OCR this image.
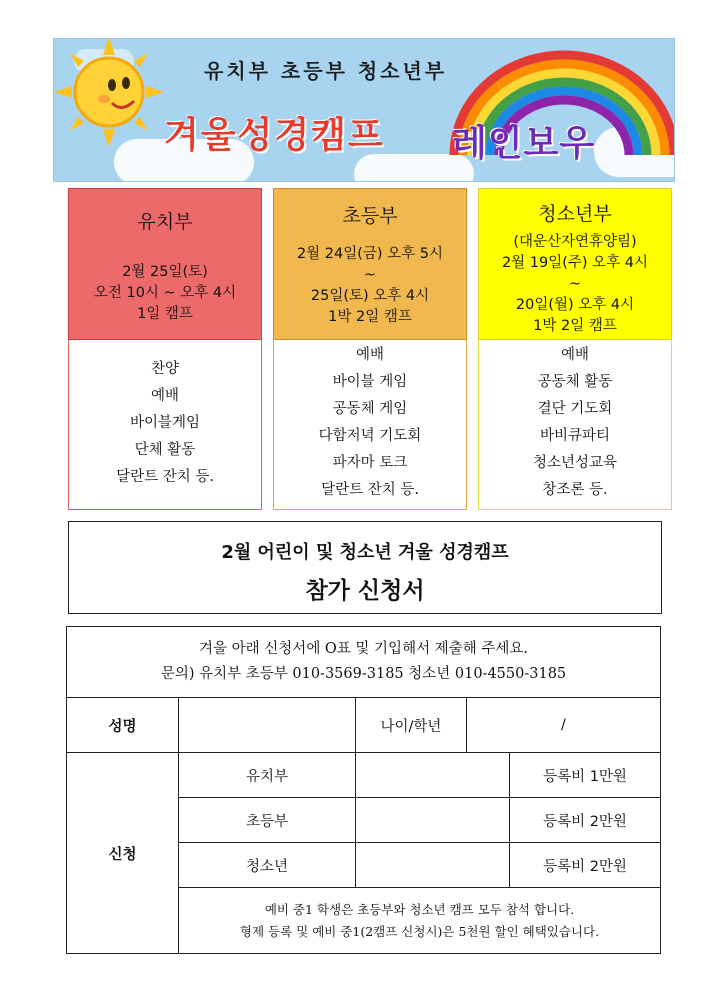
유치부 초등부 청소년부
겨울성경캠프 레인보우
유치부
2월 25일(토)
오전 10시 ~ 오후 4시
1일 캠프
찬양
예배
바이블게임
단체 활동
달란트 잔치 등.
초등부
2월 24일(금) 오후 5시
~
25일(토) 오후 4시
1박 2일 캠프
예배
바이블 게임
공동체 게임
다함저녁 기도회
파자마 토크
달란트 잔치 등.
청소년부
(대운산자연휴양림)
2월 19일(주) 오후 4시
~
20일(월) 오후 4시
1박 2일 캠프
예배
공동체 활동
결단 기도회
바비큐파티
청소년성교육
창조론 등.
2월 어린이 및 청소년 겨울 성경캠프
참가 신청서
겨울 아래 신청서에 O표 및 기입해서 제출해 주세요.
문의) 유치부 초등부 010-3569-3185 청소년 010-4550-3185
성명	나이/학년	/
신청
유치부	등록비 1만원
초등부	등록비 2만원
청소년	등록비 2만원
예비 중1 학생은 초등부와 청소년 캠프 모두 참석 합니다.
형제 등록 및 예비 중1(2캠프 신청시)은 5천원 할인 혜택있습니다.
